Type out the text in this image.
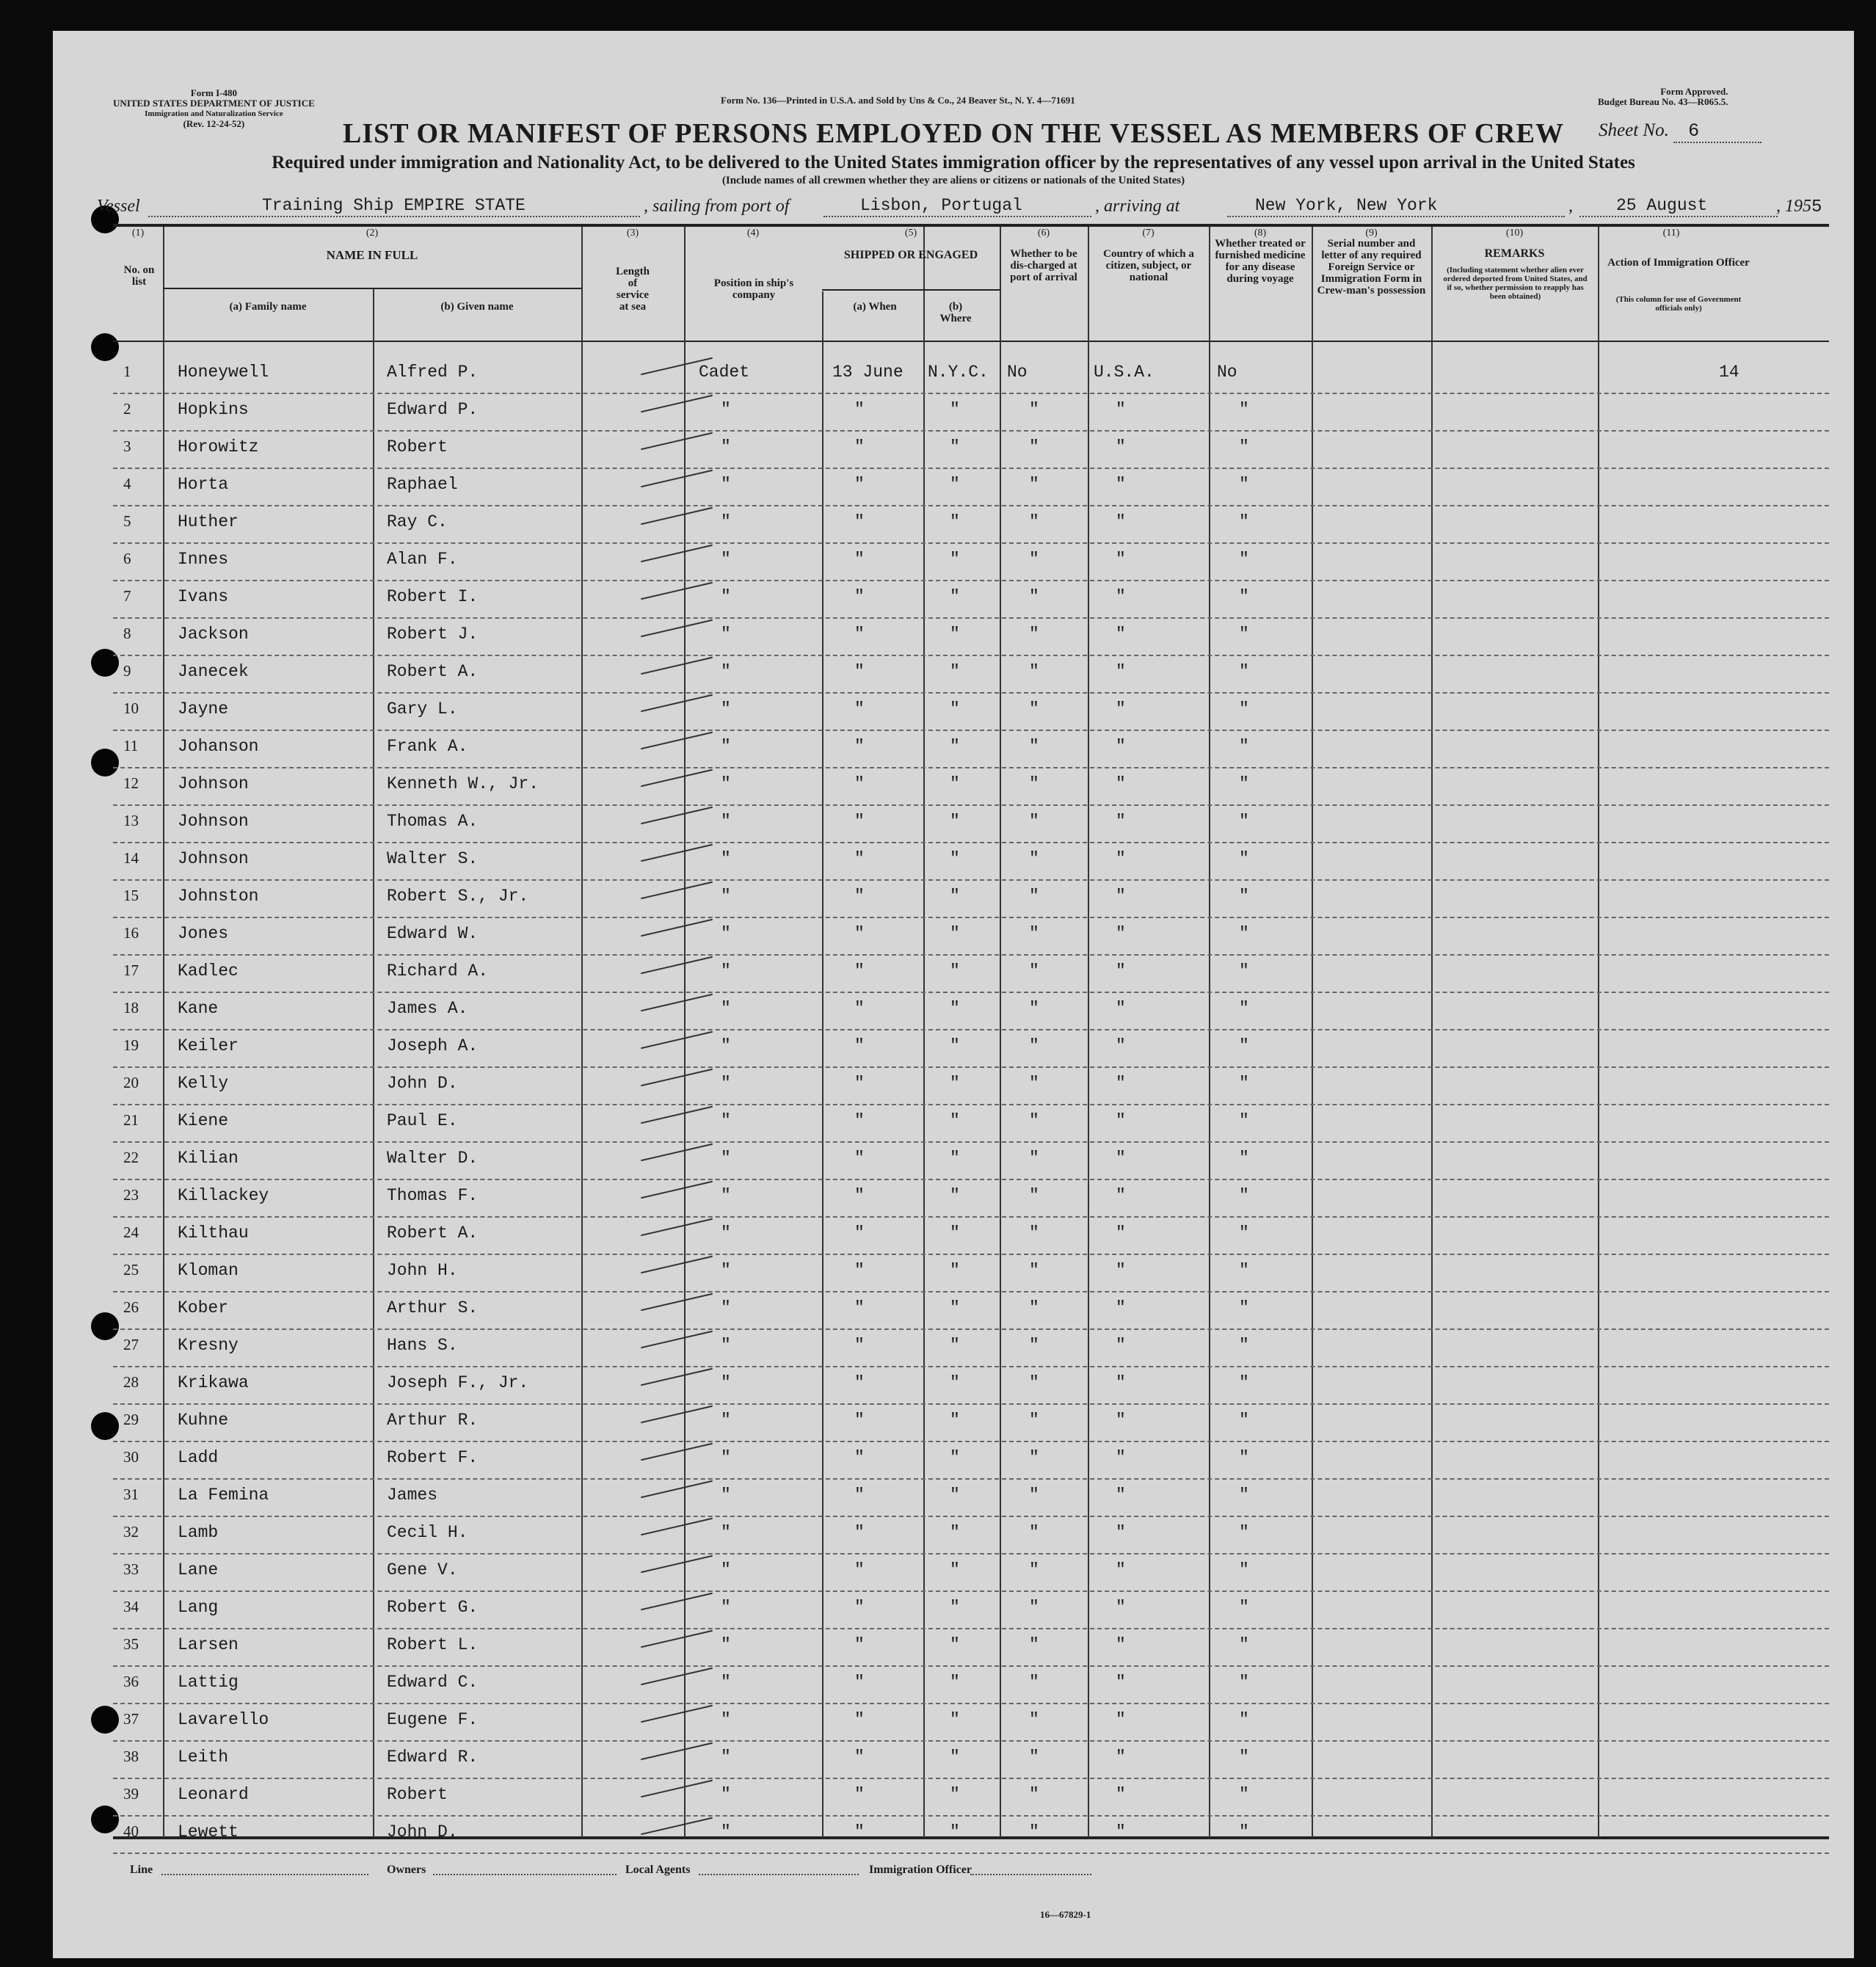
Form I-480
UNITED STATES DEPARTMENT OF JUSTICE
Immigration and Naturalization Service
(Rev. 12-24-52)
Form No. 136—Printed in U.S.A. and Sold by Uns & Co., 24 Beaver St., N. Y. 4—71691
Form Approved.
Budget Bureau No. 43—R065.5.
LIST OR MANIFEST OF PERSONS EMPLOYED ON THE VESSEL AS MEMBERS OF CREW	Sheet No. 6
Required under immigration and Nationality Act, to be delivered to the United States immigration officer by the representatives of any vessel upon arrival in the United States
(Include names of all crewmen whether they are aliens or citizens or nationals of the United States)
Vessel	Training Ship EMPIRE STATE	, sailing from port of	Lisbon, Portugal	, arriving at	New York, New York	,	25 August	, 1955
(1)	(2)	(3)	(4)	(5)	(6)	(7)	(8)	(9)	(10)	(11)
No. on list
NAME IN FULL
(a) Family name	(b) Given name
Length of service at sea
Position in ship's company
SHIPPED OR ENGAGED
(a) When	(b) Where
Whether to be dis-charged at port of arrival
Country of which a citizen, subject, or national
Whether treated or furnished medicine for any disease during voyage
Serial number and letter of any required Foreign Service or Immigration Form in Crew-man's possession
REMARKS
(Including statement whether alien ever ordered deported from United States, and if so, whether permission to reapply has been obtained)
Action of Immigration Officer
(This column for use of Government officials only)
1	Honeywell	Alfred P.	Cadet	13 June N.Y.C. No	U.S.A.	No	14
2	Hopkins	Edward P.	"	"	"	"	"	"
3	Horowitz	Robert	"	"	"	"	"	"
4	Horta	Raphael	"	"	"	"	"	"
5	Huther	Ray C.	"	"	"	"	"	"
6	Innes	Alan F.	"	"	"	"	"	"
7	Ivans	Robert I.	"	"	"	"	"	"
8	Jackson	Robert J.	"	"	"	"	"	"
9	Janecek	Robert A.	"	"	"	"	"	"
10 Jayne	Gary L.	"	"	"	"	"	"
11 Johanson	Frank A.	"	"	"	"	"	"
12 Johnson	Kenneth W., Jr.	"	"	"	"	"	"
13 Johnson	Thomas A.	"	"	"	"	"	"
14 Johnson	Walter S.	"	"	"	"	"	"
15 Johnston	Robert S., Jr.	"	"	"	"	"	"
16 Jones	Edward W.	"	"	"	"	"	"
17 Kadlec	Richard A.	"	"	"	"	"	"
18 Kane	James A.	"	"	"	"	"	"
19 Keiler	Joseph A.	"	"	"	"	"	"
20 Kelly	John D.	"	"	"	"	"	"
21 Kiene	Paul E.	"	"	"	"	"	"
22 Kilian	Walter D.	"	"	"	"	"	"
23 Killackey	Thomas F.	"	"	"	"	"	"
24 Kilthau	Robert A.	"	"	"	"	"	"
25 Kloman	John H.	"	"	"	"	"	"
26 Kober	Arthur S.	"	"	"	"	"	"
27 Kresny	Hans S.	"	"	"	"	"	"
28 Krikawa	Joseph F., Jr.	"	"	"	"	"	"
29 Kuhne	Arthur R.	"	"	"	"	"	"
30 Ladd	Robert F.	"	"	"	"	"	"
31 La Femina	James	"	"	"	"	"	"
32 Lamb	Cecil H.	"	"	"	"	"	"
33 Lane	Gene V.	"	"	"	"	"	"
34 Lang	Robert G.	"	"	"	"	"	"
35 Larsen	Robert L.	"	"	"	"	"	"
36 Lattig	Edward C.	"	"	"	"	"	"
37 Lavarello	Eugene F.	"	"	"	"	"	"
38 Leith	Edward R.	"	"	"	"	"	"
39 Leonard	Robert	"	"	"	"	"	"
40 Lewett	John D.	"	"	"	"	"	"
Line	Owners	Local Agents	Immigration Officer
16—67829-1
